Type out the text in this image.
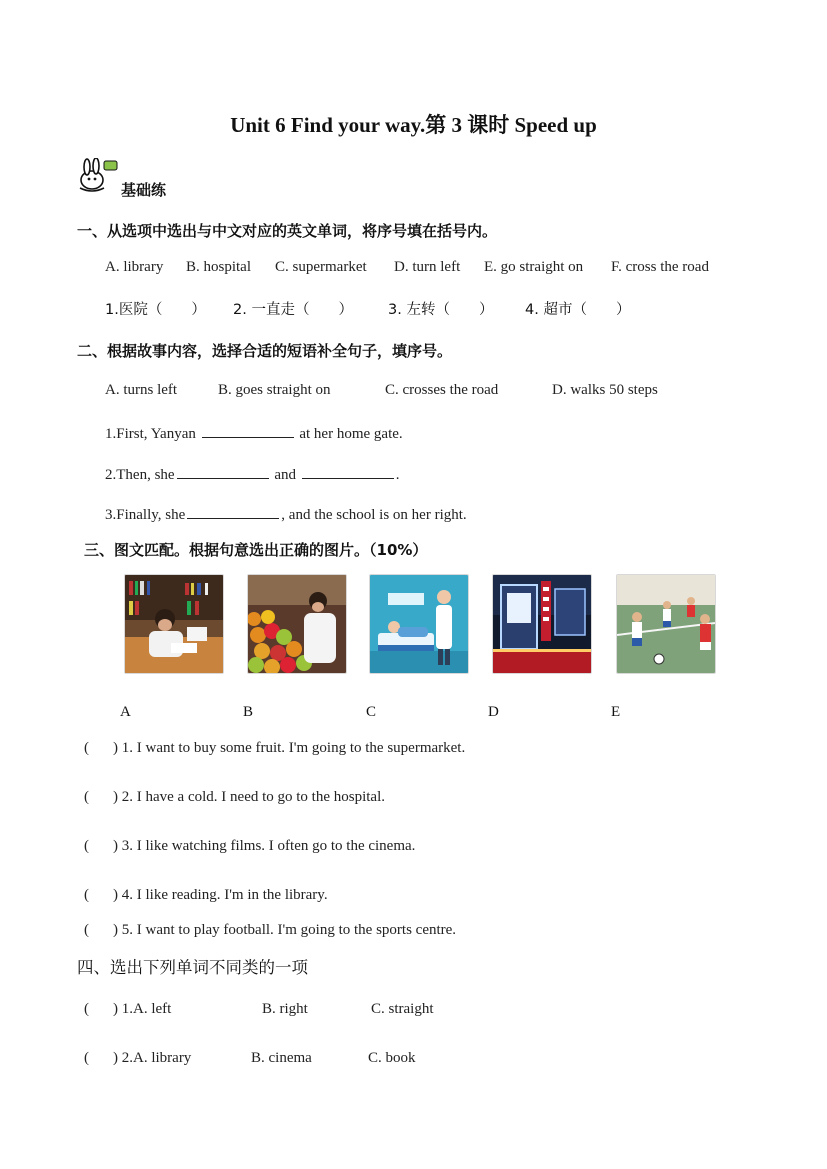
Unit 6 Find your way.第 3 课时 Speed up
基础练
一、从选项中选出与中文对应的英文单词，将序号填在括号内。
A. library B. hospital C. supermarket D. turn left E. go straight on F. cross the road
1.医院（　　） 2. 一直走（　　） 3. 左转（　　） 4. 超市（　　）
二、根据故事内容，选择合适的短语补全句子，填序号。
A. turns left	B. goes straight on	C. crosses the road	D. walks 50 steps
1.First, Yanyan	at her home gate.
2.Then, she	and	.
3.Finally, she	, and the school is on her right.
三、图文匹配。根据句意选出正确的图片。（10%）
A	B	C	D	E
( ) 1. I want to buy some fruit. I'm going to the supermarket.
( ) 2. I have a cold. I need to go to the hospital.
( ) 3. I like watching films. I often go to the cinema.
( ) 4. I like reading. I'm in the library.
( ) 5. I want to play football. I'm going to the sports centre.
四、选出下列单词不同类的一项
( ) 1.A. left	B. right	C. straight
( ) 2.A. library	B. cinema	C. book
